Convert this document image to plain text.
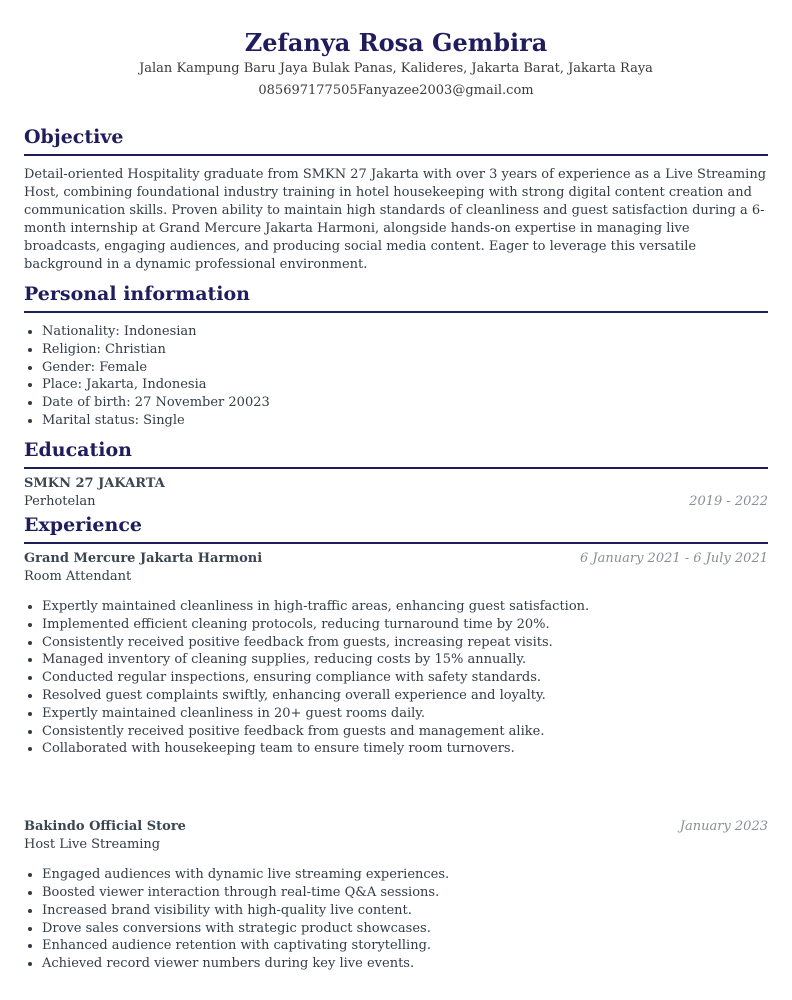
Zefanya Rosa Gembira
Jalan Kampung Baru Jaya Bulak Panas, Kalideres, Jakarta Barat, Jakarta Raya
085697177505Fanyazee2003@gmail.com
Objective
Detail-oriented Hospitality graduate from SMKN 27 Jakarta with over 3 years of experience as a Live Streaming Host, combining foundational industry training in hotel housekeeping with strong digital content creation and communication skills. Proven ability to maintain high standards of cleanliness and guest satisfaction during a 6-month internship at Grand Mercure Jakarta Harmoni, alongside hands-on expertise in managing live broadcasts, engaging audiences, and producing social media content. Eager to leverage this versatile background in a dynamic professional environment.
Personal information
• Nationality: Indonesian
• Religion: Christian
• Gender: Female
• Place: Jakarta, Indonesia
• Date of birth: 27 November 20023
• Marital status: Single
Education
SMKN 27 JAKARTA
Perhotelan	2019 - 2022
Experience
Grand Mercure Jakarta Harmoni	6 January 2021 - 6 July 2021
Room Attendant
• Expertly maintained cleanliness in high-traffic areas, enhancing guest satisfaction.
• Implemented efficient cleaning protocols, reducing turnaround time by 20%.
• Consistently received positive feedback from guests, increasing repeat visits.
• Managed inventory of cleaning supplies, reducing costs by 15% annually.
• Conducted regular inspections, ensuring compliance with safety standards.
• Resolved guest complaints swiftly, enhancing overall experience and loyalty.
• Expertly maintained cleanliness in 20+ guest rooms daily.
• Consistently received positive feedback from guests and management alike.
• Collaborated with housekeeping team to ensure timely room turnovers.
Bakindo Official Store	January 2023
Host Live Streaming
• Engaged audiences with dynamic live streaming experiences.
• Boosted viewer interaction through real-time Q&A sessions.
• Increased brand visibility with high-quality live content.
• Drove sales conversions with strategic product showcases.
• Enhanced audience retention with captivating storytelling.
• Achieved record viewer numbers during key live events.
